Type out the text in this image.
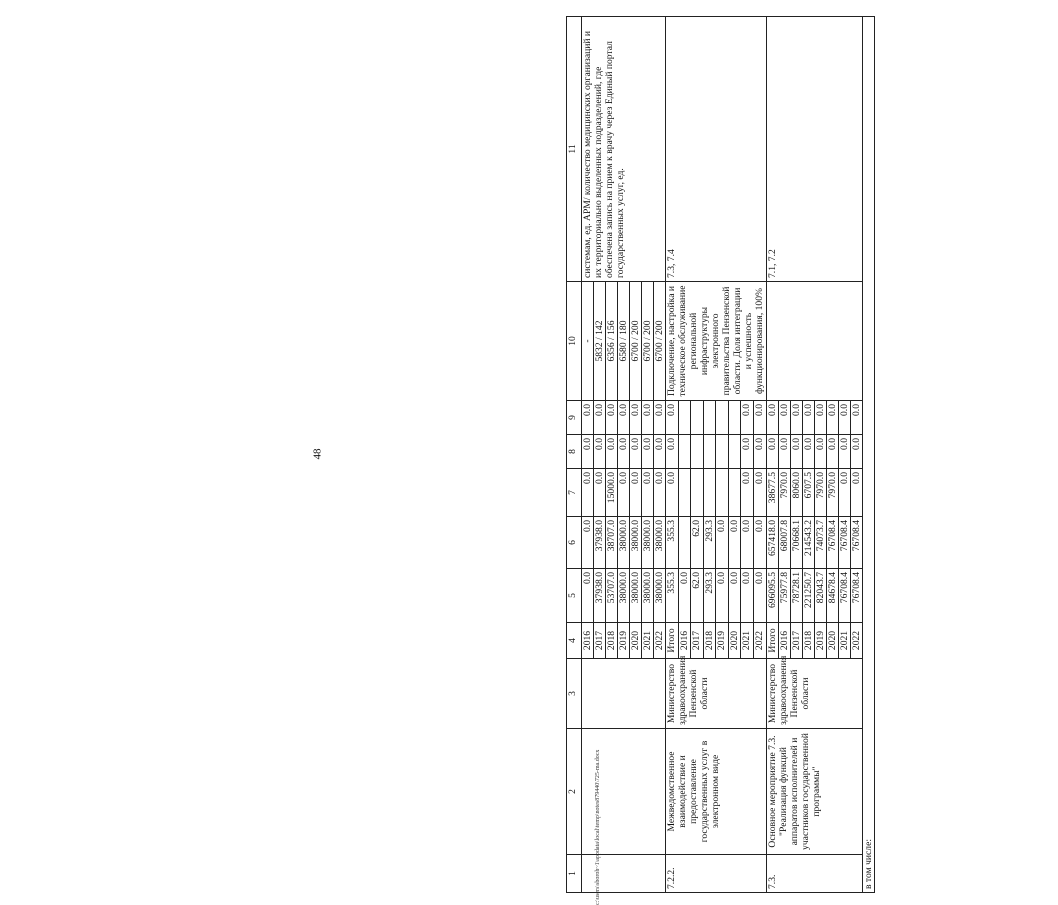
48
c:\users\sboroh~1\appdata\local\temp\notes879440\725-ma.docx
1	2	3	4	5	6	7	8	9	10	11
			2016	0.0	0.0	0.0	0.0	0.0	-	системам, ед. АРМ/ количество медицинских организаций и их территориально выделенных подразделений, где обеспечена запись на прием к врачу через Единый портал государственных услуг, ед.
			2017	37938.0	37938.0	0.0	0.0	0.0	5832 / 142	
			2018	53707.0	38707.0	15000.0	0.0	0.0	6356 / 156	
			2019	38000.0	38000.0	0.0	0.0	0.0	6580 / 180	
			2020	38000.0	38000.0	0.0	0.0	0.0	6700 / 200	
			2021	38000.0	38000.0	0.0	0.0	0.0	6700 / 200	
			2022	38000.0	38000.0	0.0	0.0	0.0	6700 / 200	
7.2.2.	Межведомственное взаимодействие и предоставление государственных услуг в электронном виде	Министерство здравоохранения Пензенской области	Итого	355.3	355.3	0.0	0.0	0.0	Подключение, настройка и техническое обслуживание региональной инфраструктуры электронного правительства Пензенской области. Доля интеграции и успешность функционирования, 100%	7.3, 7.4
			2016	0.0						
			2017	62.0	62.0					
			2018	293.3	293.3					
			2019	0.0	0.0					
			2020	0.0	0.0					
			2021	0.0	0.0	0.0	0.0	0.0		
			2022	0.0	0.0	0.0	0.0	0.0		
7.3.	Основное мероприятие 7.3. "Реализация функций аппаратов исполнителей и участников государственной программы"	Министерство здравоохранения Пензенской области	Итого	696095.5	657418.0	38677.5	0.0	0.0		7.1, 7.2
			2016	75977.8	68007.8	7970.0	0.0	0.0		
			2017	78728.1	70668.1	8060.0	0.0	0.0		
			2018	221250.7	214543.2	6707.5	0.0	0.0		
			2019	82043.7	74073.7	7970.0	0.0	0.0		
			2020	84678.4	76708.4	7970.0	0.0	0.0		
			2021	76708.4	76708.4	0.0	0.0	0.0		
			2022	76708.4	76708.4	0.0	0.0	0.0		
в том числе:										
